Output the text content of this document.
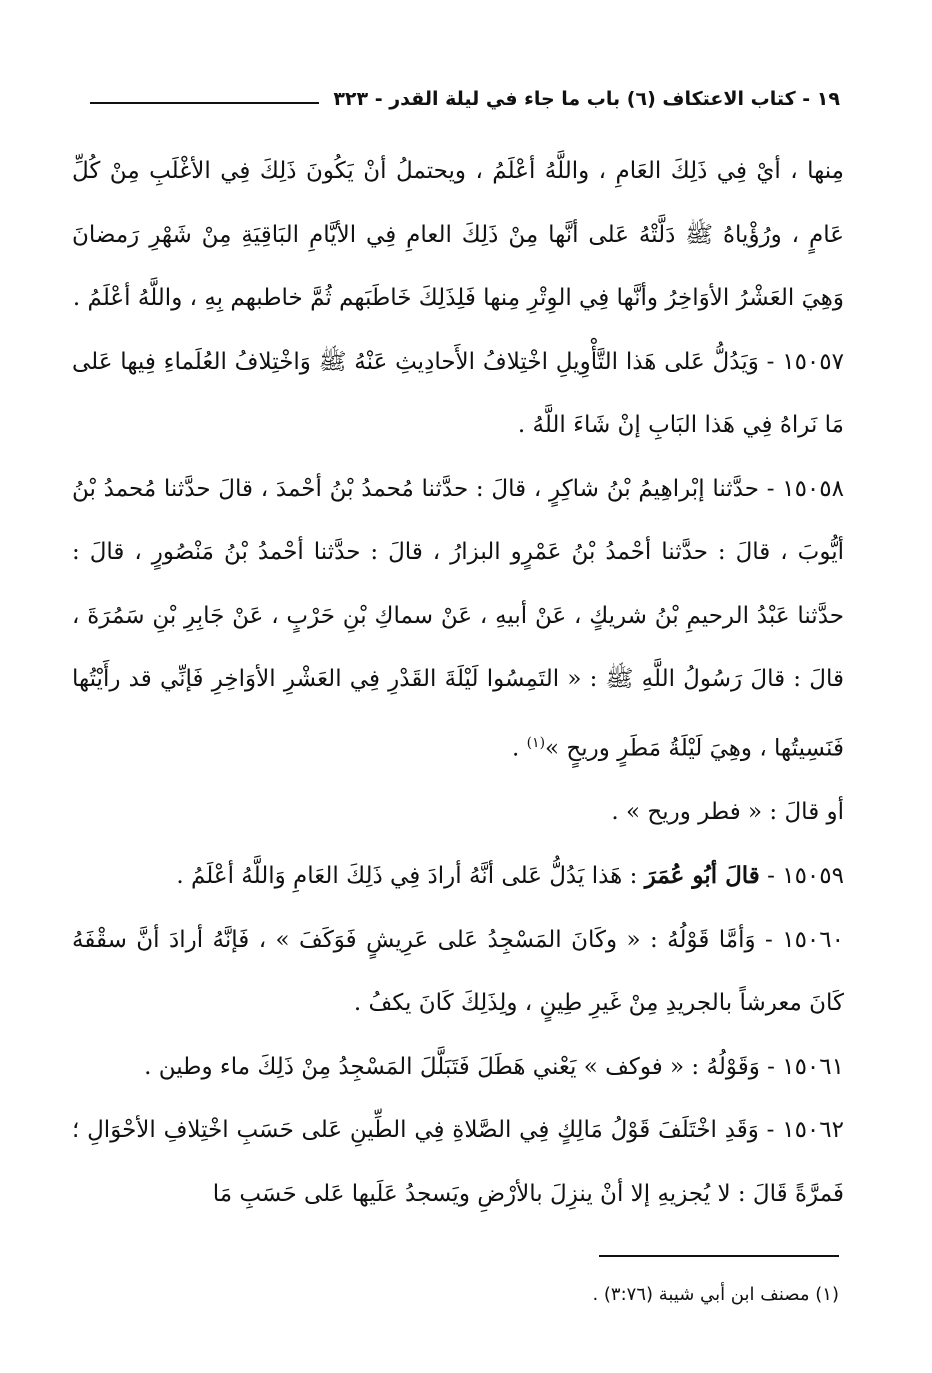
١٩ - كتاب الاعتكاف (٦) باب ما جاء في ليلة القدر - ٣٢٣

مِنها ، أيْ فِي ذَلِكَ العَامِ ، واللَّهُ أعْلَمُ ، ويحتملُ أنْ يَكُونَ ذَلِكَ فِي الأغْلَبِ مِنْ كُلِّ عَامٍ ، ورُؤْياهُ ﷺ دَلَّتْهُ عَلى أنَّها مِنْ ذَلِكَ العامِ فِي الأيَّامِ البَاقِيَةِ مِنْ شَهْرِ رَمضانَ وَهِيَ العَشْرُ الأوَاخِرُ وأنَّها فِي الوِتْرِ مِنها فَلِذَلِكَ خَاطَبَهم ثُمَّ خاطبهم بِهِ ، واللَّهُ أعْلَمُ .

١٥٠٥٧ - وَيَدُلُّ عَلى هَذا التَّأْوِيلِ اخْتِلافُ الأَحادِيثِ عَنْهُ ﷺ وَاخْتِلافُ العُلَماءِ فِيها عَلى مَا نَراهُ فِي هَذا البَابِ إنْ شَاءَ اللَّهُ .

١٥٠٥٨ - حدَّثنا إبْراهِيمُ بْنُ شاكِرٍ ، قالَ : حدَّثنا مُحمدُ بْنُ أحْمدَ ، قالَ حدَّثنا مُحمدُ بْنُ أيُّوبَ ، قالَ : حدَّثنا أحْمدُ بْنُ عَمْرٍو البزارُ ، قالَ : حدَّثنا أحْمدُ بْنُ مَنْصُورٍ ، قالَ : حدَّثنا عَبْدُ الرحيمِ بْنُ شريكٍ ، عَنْ أبيهِ ، عَنْ سماكِ بْنِ حَرْبٍ ، عَنْ جَابِرِ بْنِ سَمُرَةَ ، قالَ : قالَ رَسُولُ اللَّهِ ﷺ : « التَمِسُوا لَيْلَةَ القَدْرِ فِي العَشْرِ الأوَاخِرِ فَإنِّي قد رأَيْتُها فَنَسِيتُها ، وهِيَ لَيْلَةُ مَطَرٍ وريحٍ »$^{(١)}$ .

أو قالَ : « فطر وريح » .

١٥٠٥٩ - قالَ أبُو عُمَرَ : هَذا يَدُلُّ عَلى أنَّهُ أرادَ فِي ذَلِكَ العَامِ وَاللَّهُ أعْلَمُ .

١٥٠٦٠ - وَأمَّا قَوْلُهُ : « وكَانَ المَسْجِدُ عَلى عَرِيشٍ فَوَكَفَ » ، فَإنَّهُ أرادَ أنَّ سقْفَهُ كَانَ معرشاً بالجريدِ مِنْ غَيرِ طِينٍ ، ولِذَلِكَ كَانَ يكفُ .

١٥٠٦١ - وَقَوْلُهُ : « فوكف » يَعْني هَطَلَ فَتَبَلَّلَ المَسْجِدُ مِنْ ذَلِكَ ماء وطين .

١٥٠٦٢ - وَقَدِ اخْتَلَفَ قَوْلُ مَالِكٍ فِي الصَّلاةِ فِي الطِّينِ عَلى حَسَبِ اخْتِلافِ الأحْوَالِ ؛ فَمرَّةً قَالَ : لا يُجزيهِ إلا أنْ ينزِلَ بالأرْضِ ويَسجدُ عَلَيها عَلى حَسَبِ مَا

(١) مصنف ابن أبي شيبة (٣:٧٦) .
